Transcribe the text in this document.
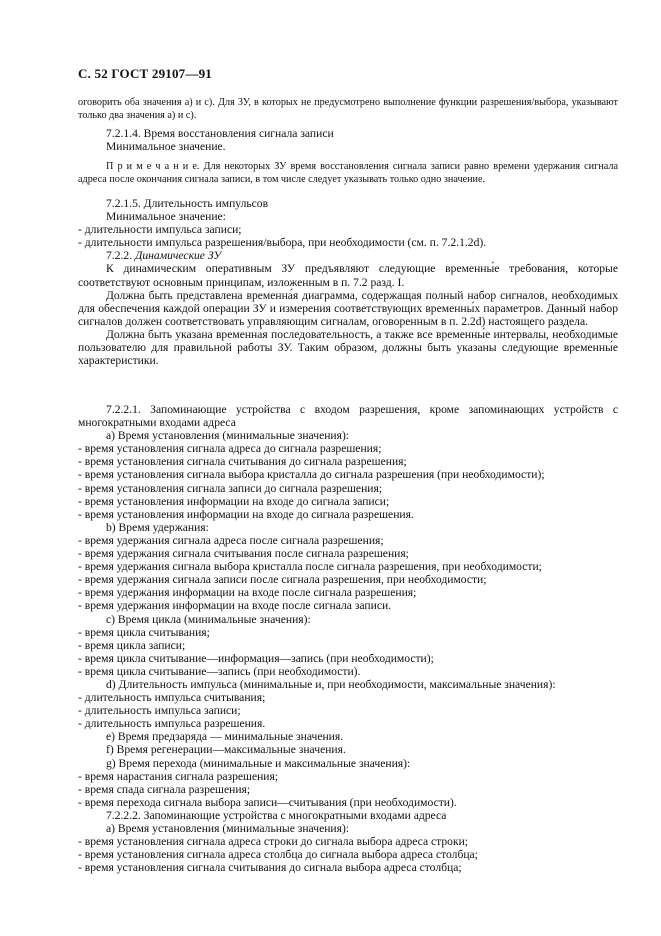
С. 52 ГОСТ 29107—91
оговорить оба значения а) и с). Для ЗУ, в которых не предусмотрено выполнение функции разрешения/выбора, указывают только два значения а) и с).

7.2.1.4. Время восстановления сигнала записи

Минимальное значение.

П р и м е ч а н и е. Для некоторых ЗУ время восстановления сигнала записи равно времени удержания сигнала адреса после окончания сигнала записи, в том числе следует указывать только одно значение.

7.2.1.5. Длительность импульсов

Минимальное значение:

- длительности импульса записи;

- длительности импульса разрешения/выбора, при необходимости (см. п. 7.2.1.2d).

7.2.2. Динамические ЗУ

К динамическим оперативным ЗУ предъявляют следующие временны́е требования, которые соответствуют основным принципам, изложенным в п. 7.2 разд. I.

Должна быть представлена временна́я диаграмма, содержащая полный набор сигналов, необходимых для обеспечения каждой операции ЗУ и измерения соответствующих временны́х параметров. Данный набор сигналов должен соответствовать управляющим сигналам, оговоренным в п. 2.2d) настоящего раздела.

Должна быть указана временна́я последовательность, а также все временны́е интервалы, необходимые пользователю для правильной работы ЗУ. Таким образом, должны быть указаны следующие временны́е характеристики.

7.2.2.1. Запоминающие устройства с входом разрешения, кроме запоминающих устройств с многократными входами адреса

a) Время установления (минимальные значения):

- время установления сигнала адреса до сигнала разрешения;

- время установления сигнала считывания до сигнала разрешения;

- время установления сигнала выбора кристалла до сигнала разрешения (при необходимости);

- время установления сигнала записи до сигнала разрешения;

- время установления информации на входе до сигнала записи;

- время установления информации на входе до сигнала разрешения.

b) Время удержания:

- время удержания сигнала адреса после сигнала разрешения;

- время удержания сигнала считывания после сигнала разрешения;

- время удержания сигнала выбора кристалла после сигнала разрешения, при необходимости;

- время удержания сигнала записи после сигнала разрешения, при необходимости;

- время удержания информации на входе после сигнала разрешения;

- время удержания информации на входе после сигнала записи.

c) Время цикла (минимальные значения):

- время цикла считывания;

- время цикла записи;

- время цикла считывание—информация—запись (при необходимости);

- время цикла считывание—запись (при необходимости).

d) Длительность импульса (минимальные и, при необходимости, максимальные значения):

- длительность импульса считывания;

- длительность импульса записи;

- длительность импульса разрешения.

e) Время предзаряда — минимальные значения.

f) Время регенерации—максимальные значения.

g) Время перехода (минимальные и максимальные значения):

- время нарастания сигнала разрешения;

- время спада сигнала разрешения;

- время перехода сигнала выбора записи—считывания (при необходимости).

7.2.2.2. Запоминающие устройства с многократными входами адреса

a) Время установления (минимальные значения):

- время установления сигнала адреса строки до сигнала выбора адреса строки;

- время установления сигнала адреса столбца до сигнала выбора адреса столбца;

- время установления сигнала считывания до сигнала выбора адреса столбца;
